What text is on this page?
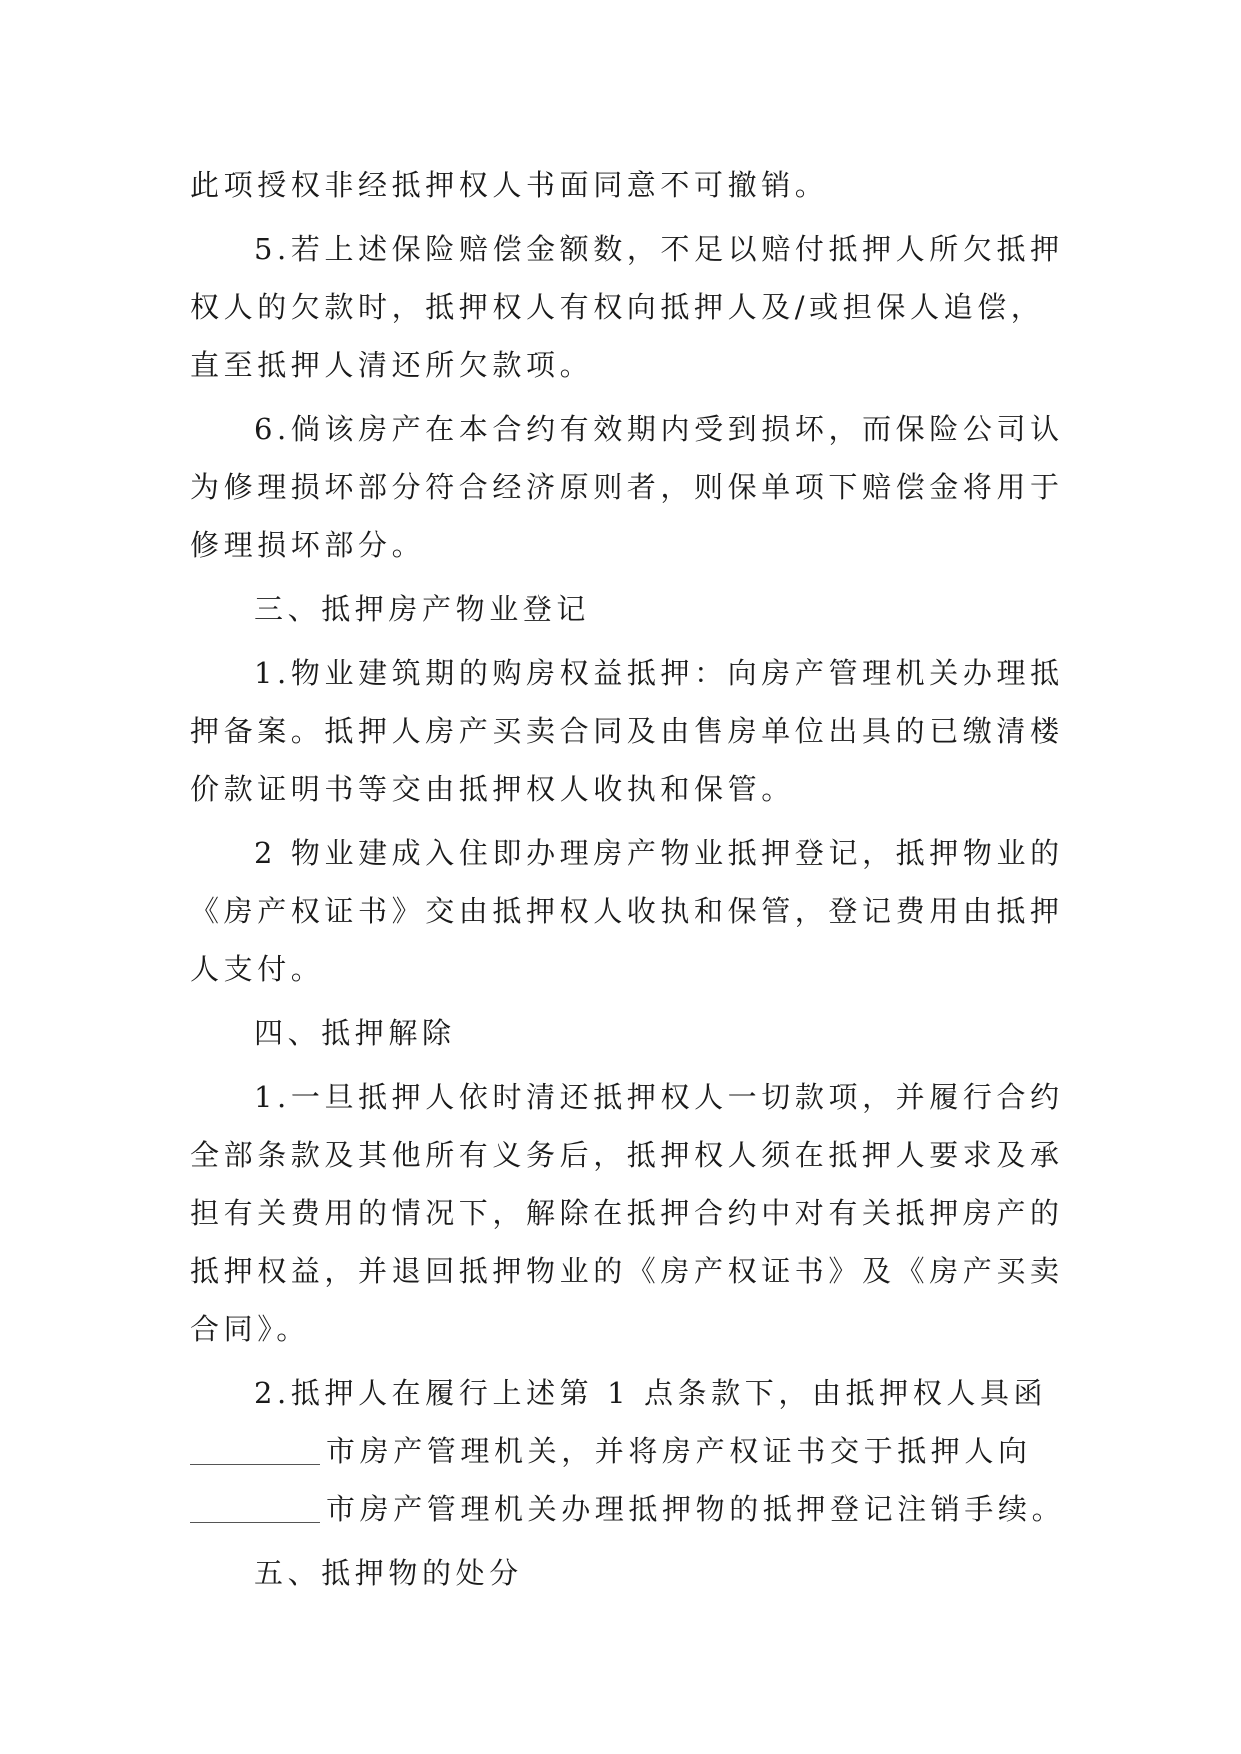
此项授权非经抵押权人书面同意不可撤销。
5.若上述保险赔偿金额数，不足以赔付抵押人所欠抵押
权人的欠款时，抵押权人有权向抵押人及/或担保人追偿，
直至抵押人清还所欠款项。
6.倘该房产在本合约有效期内受到损坏，而保险公司认
为修理损坏部分符合经济原则者，则保单项下赔偿金将用于
修理损坏部分。
三、抵押房产物业登记
1.物业建筑期的购房权益抵押：向房产管理机关办理抵
押备案。抵押人房产买卖合同及由售房单位出具的已缴清楼
价款证明书等交由抵押权人收执和保管。
2 物业建成入住即办理房产物业抵押登记，抵押物业的
《房产权证书》交由抵押权人收执和保管，登记费用由抵押
人支付。
四、抵押解除
1.一旦抵押人依时清还抵押权人一切款项，并履行合约
全部条款及其他所有义务后，抵押权人须在抵押人要求及承
担有关费用的情况下，解除在抵押合约中对有关抵押房产的
抵押权益，并退回抵押物业的《房产权证书》及《房产买卖
合同》。
2.抵押人在履行上述第 1 点条款下，由抵押权人具函
市房产管理机关，并将房产权证书交于抵押人向
市房产管理机关办理抵押物的抵押登记注销手续。
五、抵押物的处分
